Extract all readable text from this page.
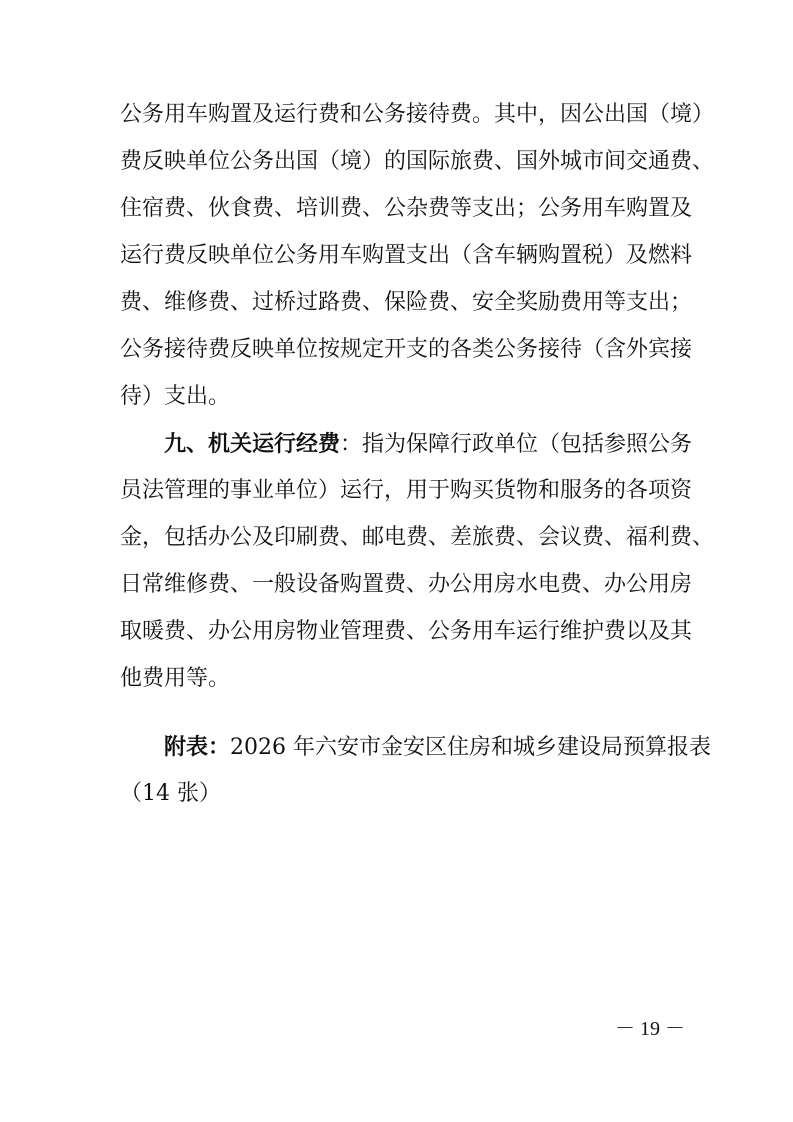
公务用车购置及运行费和公务接待费。其中，因公出国（境）
费反映单位公务出国（境）的国际旅费、国外城市间交通费、
住宿费、伙食费、培训费、公杂费等支出；公务用车购置及
运行费反映单位公务用车购置支出（含车辆购置税）及燃料
费、维修费、过桥过路费、保险费、安全奖励费用等支出；
公务接待费反映单位按规定开支的各类公务接待（含外宾接
待）支出。
九、机关运行经费：指为保障行政单位（包括参照公务
员法管理的事业单位）运行，用于购买货物和服务的各项资
金，包括办公及印刷费、邮电费、差旅费、会议费、福利费、
日常维修费、一般设备购置费、办公用房水电费、办公用房
取暖费、办公用房物业管理费、公务用车运行维护费以及其
他费用等。
附表：2026 年六安市金安区住房和城乡建设局预算报表
（14 张）
－ 19 －
